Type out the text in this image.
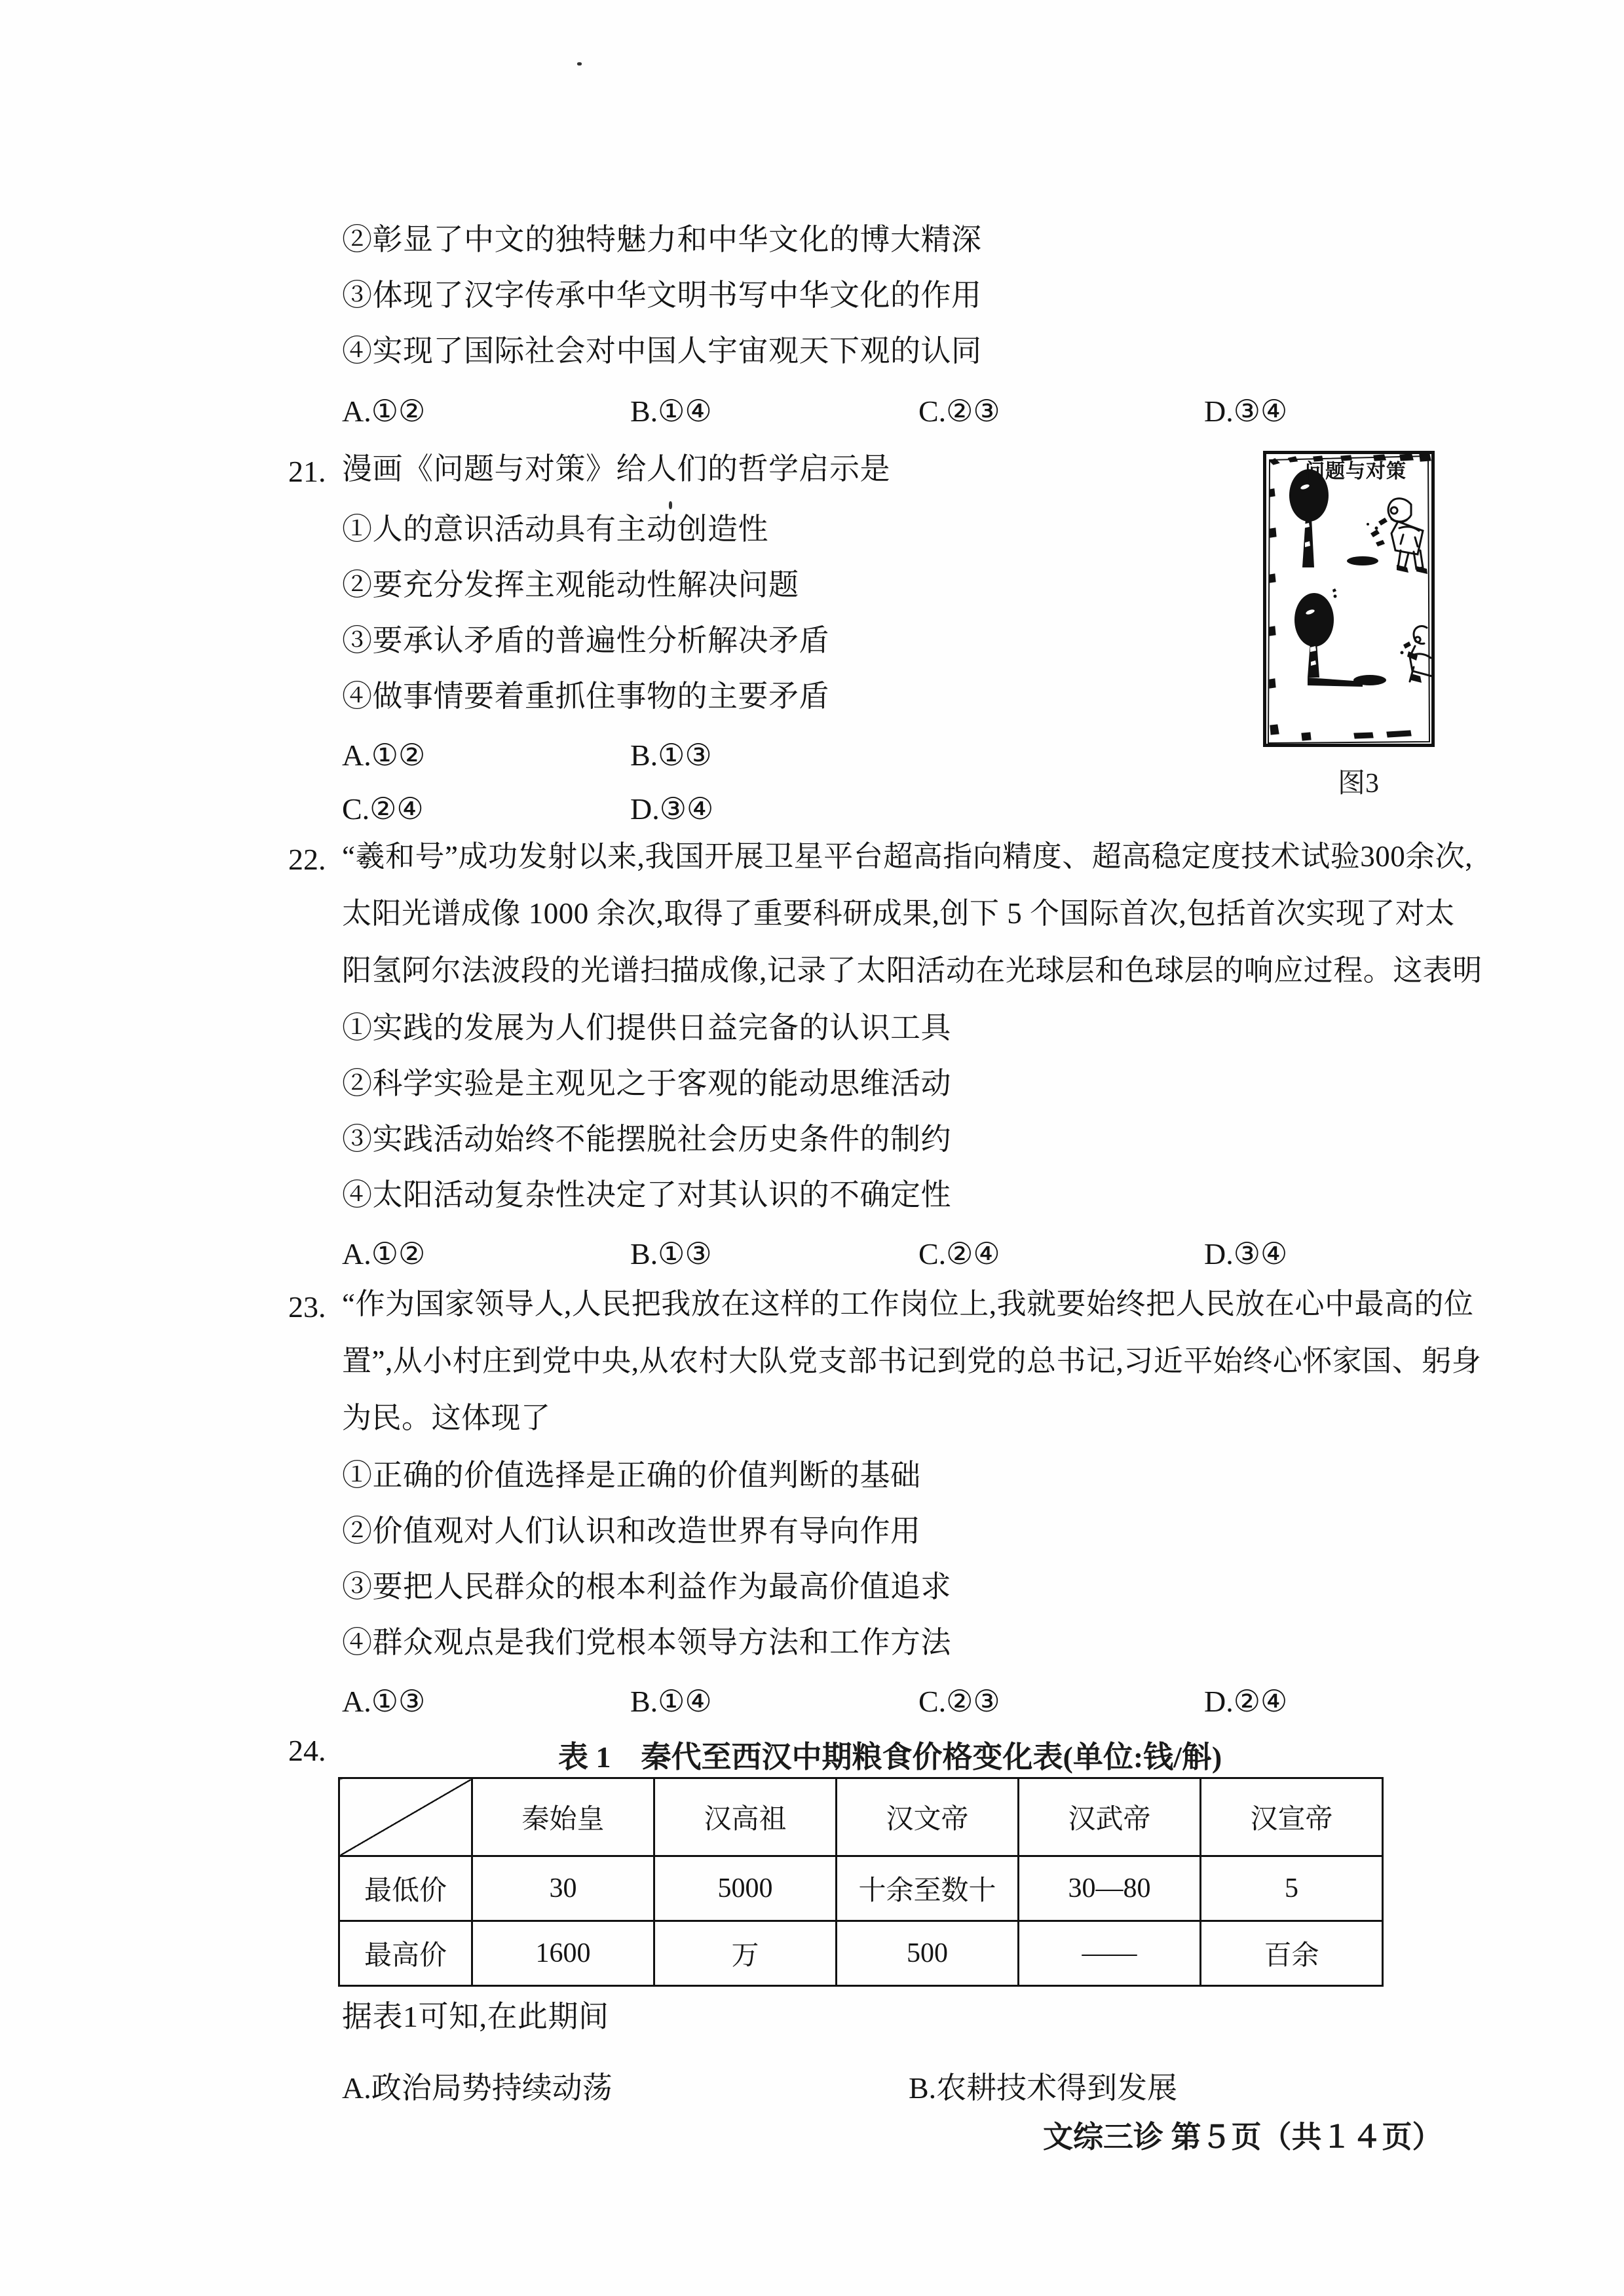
②彰显了中文的独特魅力和中华文化的博大精深
③体现了汉字传承中华文明书写中华文化的作用
④实现了国际社会对中国人宇宙观天下观的认同
A.①②	B.①④	C.②③	D.③④
21. 漫画《问题与对策》给人们的哲学启示是
①人的意识活动具有主动创造性
②要充分发挥主观能动性解决问题
③要承认矛盾的普遍性分析解决矛盾
④做事情要着重抓住事物的主要矛盾
A.①②	B.①③
C.②④	D.③④
问题与对策
图3
22. “羲和号”成功发射以来,我国开展卫星平台超高指向精度、超高稳定度技术试验300余次,
太阳光谱成像 1000 余次,取得了重要科研成果,创下 5 个国际首次,包括首次实现了对太
阳氢阿尔法波段的光谱扫描成像,记录了太阳活动在光球层和色球层的响应过程。这表明
①实践的发展为人们提供日益完备的认识工具
②科学实验是主观见之于客观的能动思维活动
③实践活动始终不能摆脱社会历史条件的制约
④太阳活动复杂性决定了对其认识的不确定性
A.①②	B.①③	C.②④	D.③④
23. “作为国家领导人,人民把我放在这样的工作岗位上,我就要始终把人民放在心中最高的位
置”,从小村庄到党中央,从农村大队党支部书记到党的总书记,习近平始终心怀家国、躬身
为民。这体现了
①正确的价值选择是正确的价值判断的基础
②价值观对人们认识和改造世界有导向作用
③要把人民群众的根本利益作为最高价值追求
④群众观点是我们党根本领导方法和工作方法
A.①③	B.①④	C.②③	D.②④
24.	表 1　秦代至西汉中期粮食价格变化表(单位:钱/斛)
	秦始皇	汉高祖	汉文帝	汉武帝	汉宣帝
最低价	30	5000	十余至数十	30—80	5
最高价	1600	万	500	——	百余
据表1可知,在此期间
A.政治局势持续动荡	B.农耕技术得到发展
文综三诊 第５页（共１４页）
